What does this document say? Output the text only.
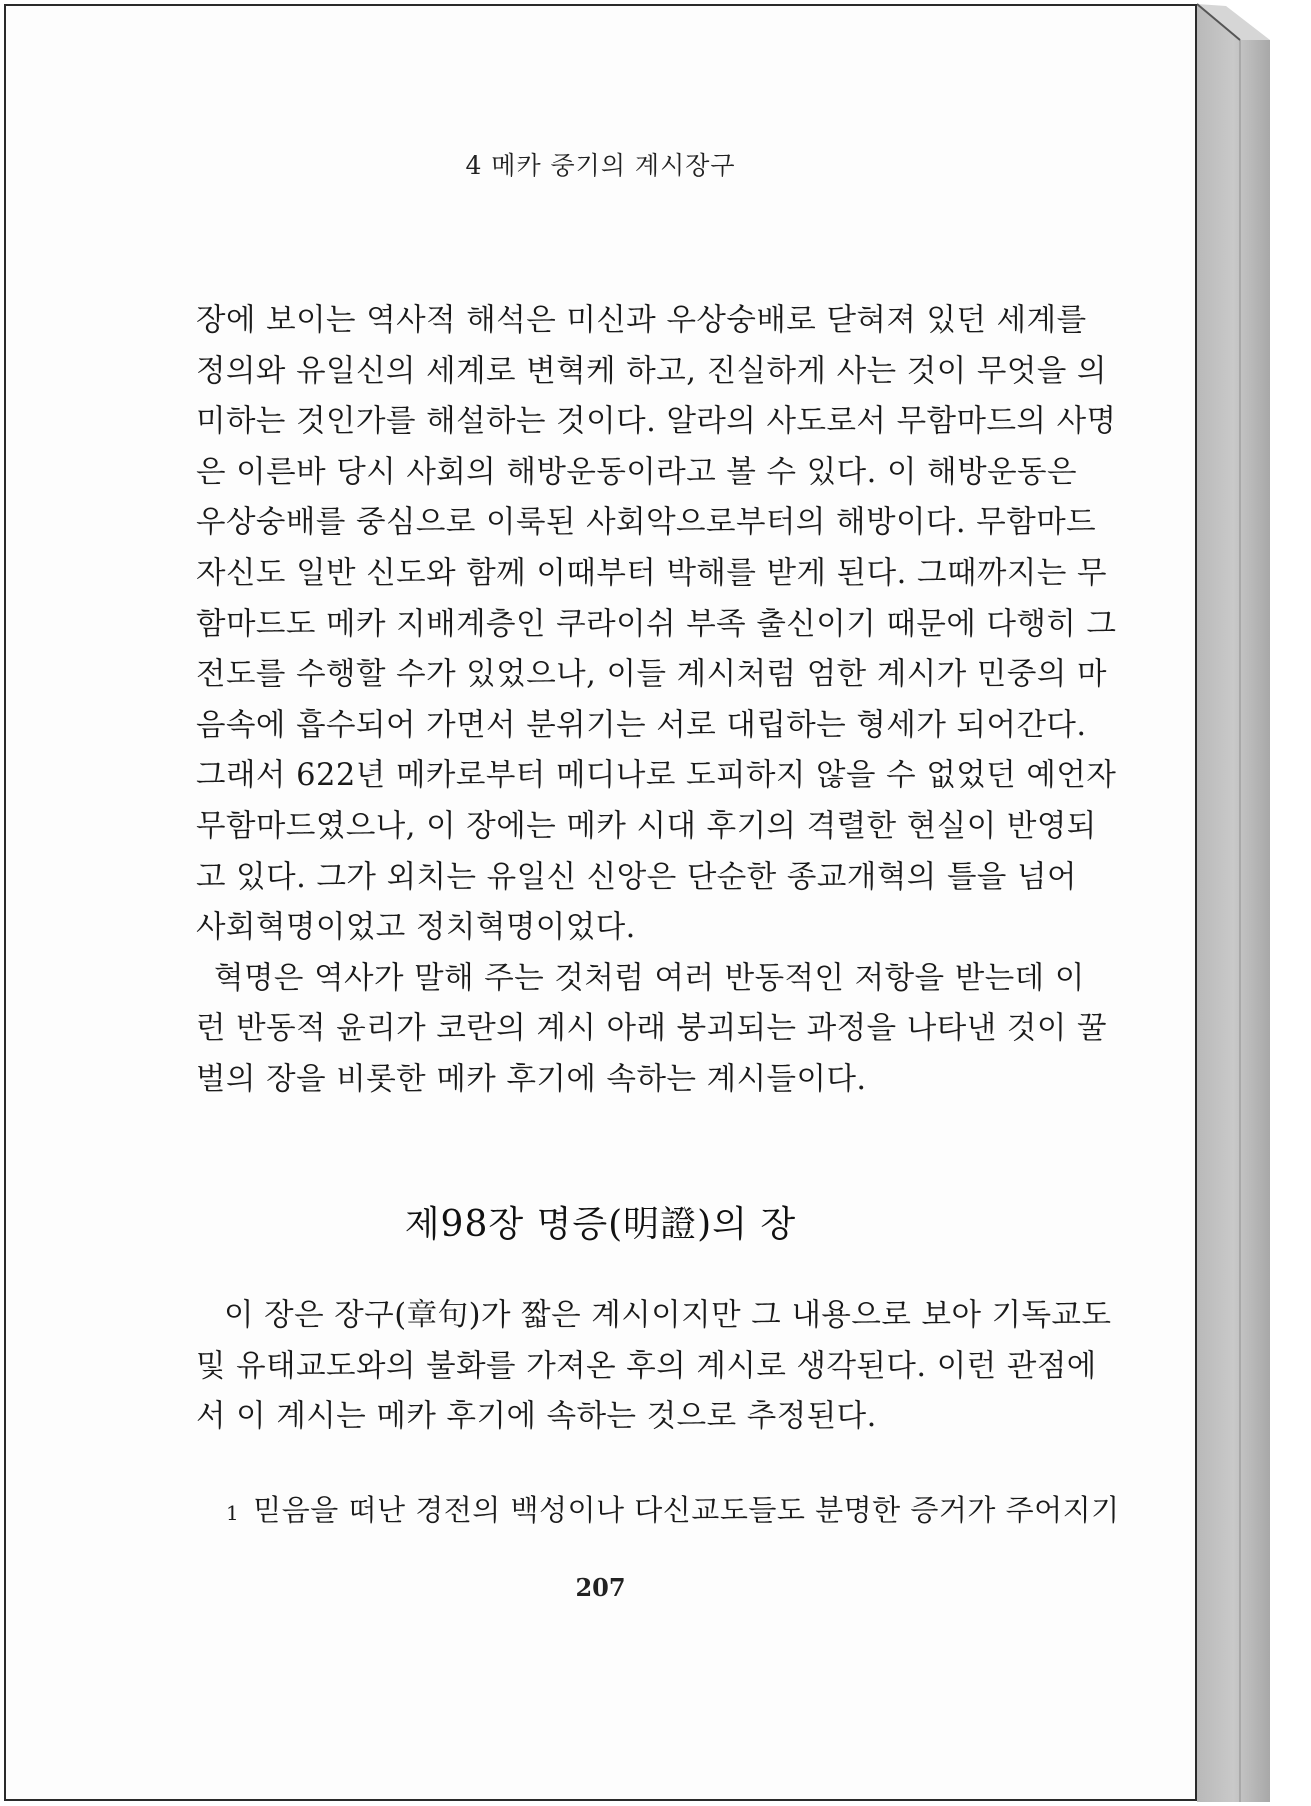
4 메카 중기의 계시장구
장에 보이는 역사적 해석은 미신과 우상숭배로 닫혀져 있던 세계를
정의와 유일신의 세계로 변혁케 하고, 진실하게 사는 것이 무엇을 의
미하는 것인가를 해설하는 것이다. 알라의 사도로서 무함마드의 사명
은 이른바 당시 사회의 해방운동이라고 볼 수 있다. 이 해방운동은
우상숭배를 중심으로 이룩된 사회악으로부터의 해방이다. 무함마드
자신도 일반 신도와 함께 이때부터 박해를 받게 된다. 그때까지는 무
함마드도 메카 지배계층인 쿠라이쉬 부족 출신이기 때문에 다행히 그
전도를 수행할 수가 있었으나, 이들 계시처럼 엄한 계시가 민중의 마
음속에 흡수되어 가면서 분위기는 서로 대립하는 형세가 되어간다.
그래서 622년 메카로부터 메디나로 도피하지 않을 수 없었던 예언자
무함마드였으나, 이 장에는 메카 시대 후기의 격렬한 현실이 반영되
고 있다. 그가 외치는 유일신 신앙은 단순한 종교개혁의 틀을 넘어
사회혁명이었고 정치혁명이었다.
혁명은 역사가 말해 주는 것처럼 여러 반동적인 저항을 받는데 이
런 반동적 윤리가 코란의 계시 아래 붕괴되는 과정을 나타낸 것이 꿀
벌의 장을 비롯한 메카 후기에 속하는 계시들이다.
제98장 명증(明證)의 장
이 장은 장구(章句)가 짧은 계시이지만 그 내용으로 보아 기독교도
및 유태교도와의 불화를 가져온 후의 계시로 생각된다. 이런 관점에
서 이 계시는 메카 후기에 속하는 것으로 추정된다.
1 믿음을 떠난 경전의 백성이나 다신교도들도 분명한 증거가 주어지기
207
